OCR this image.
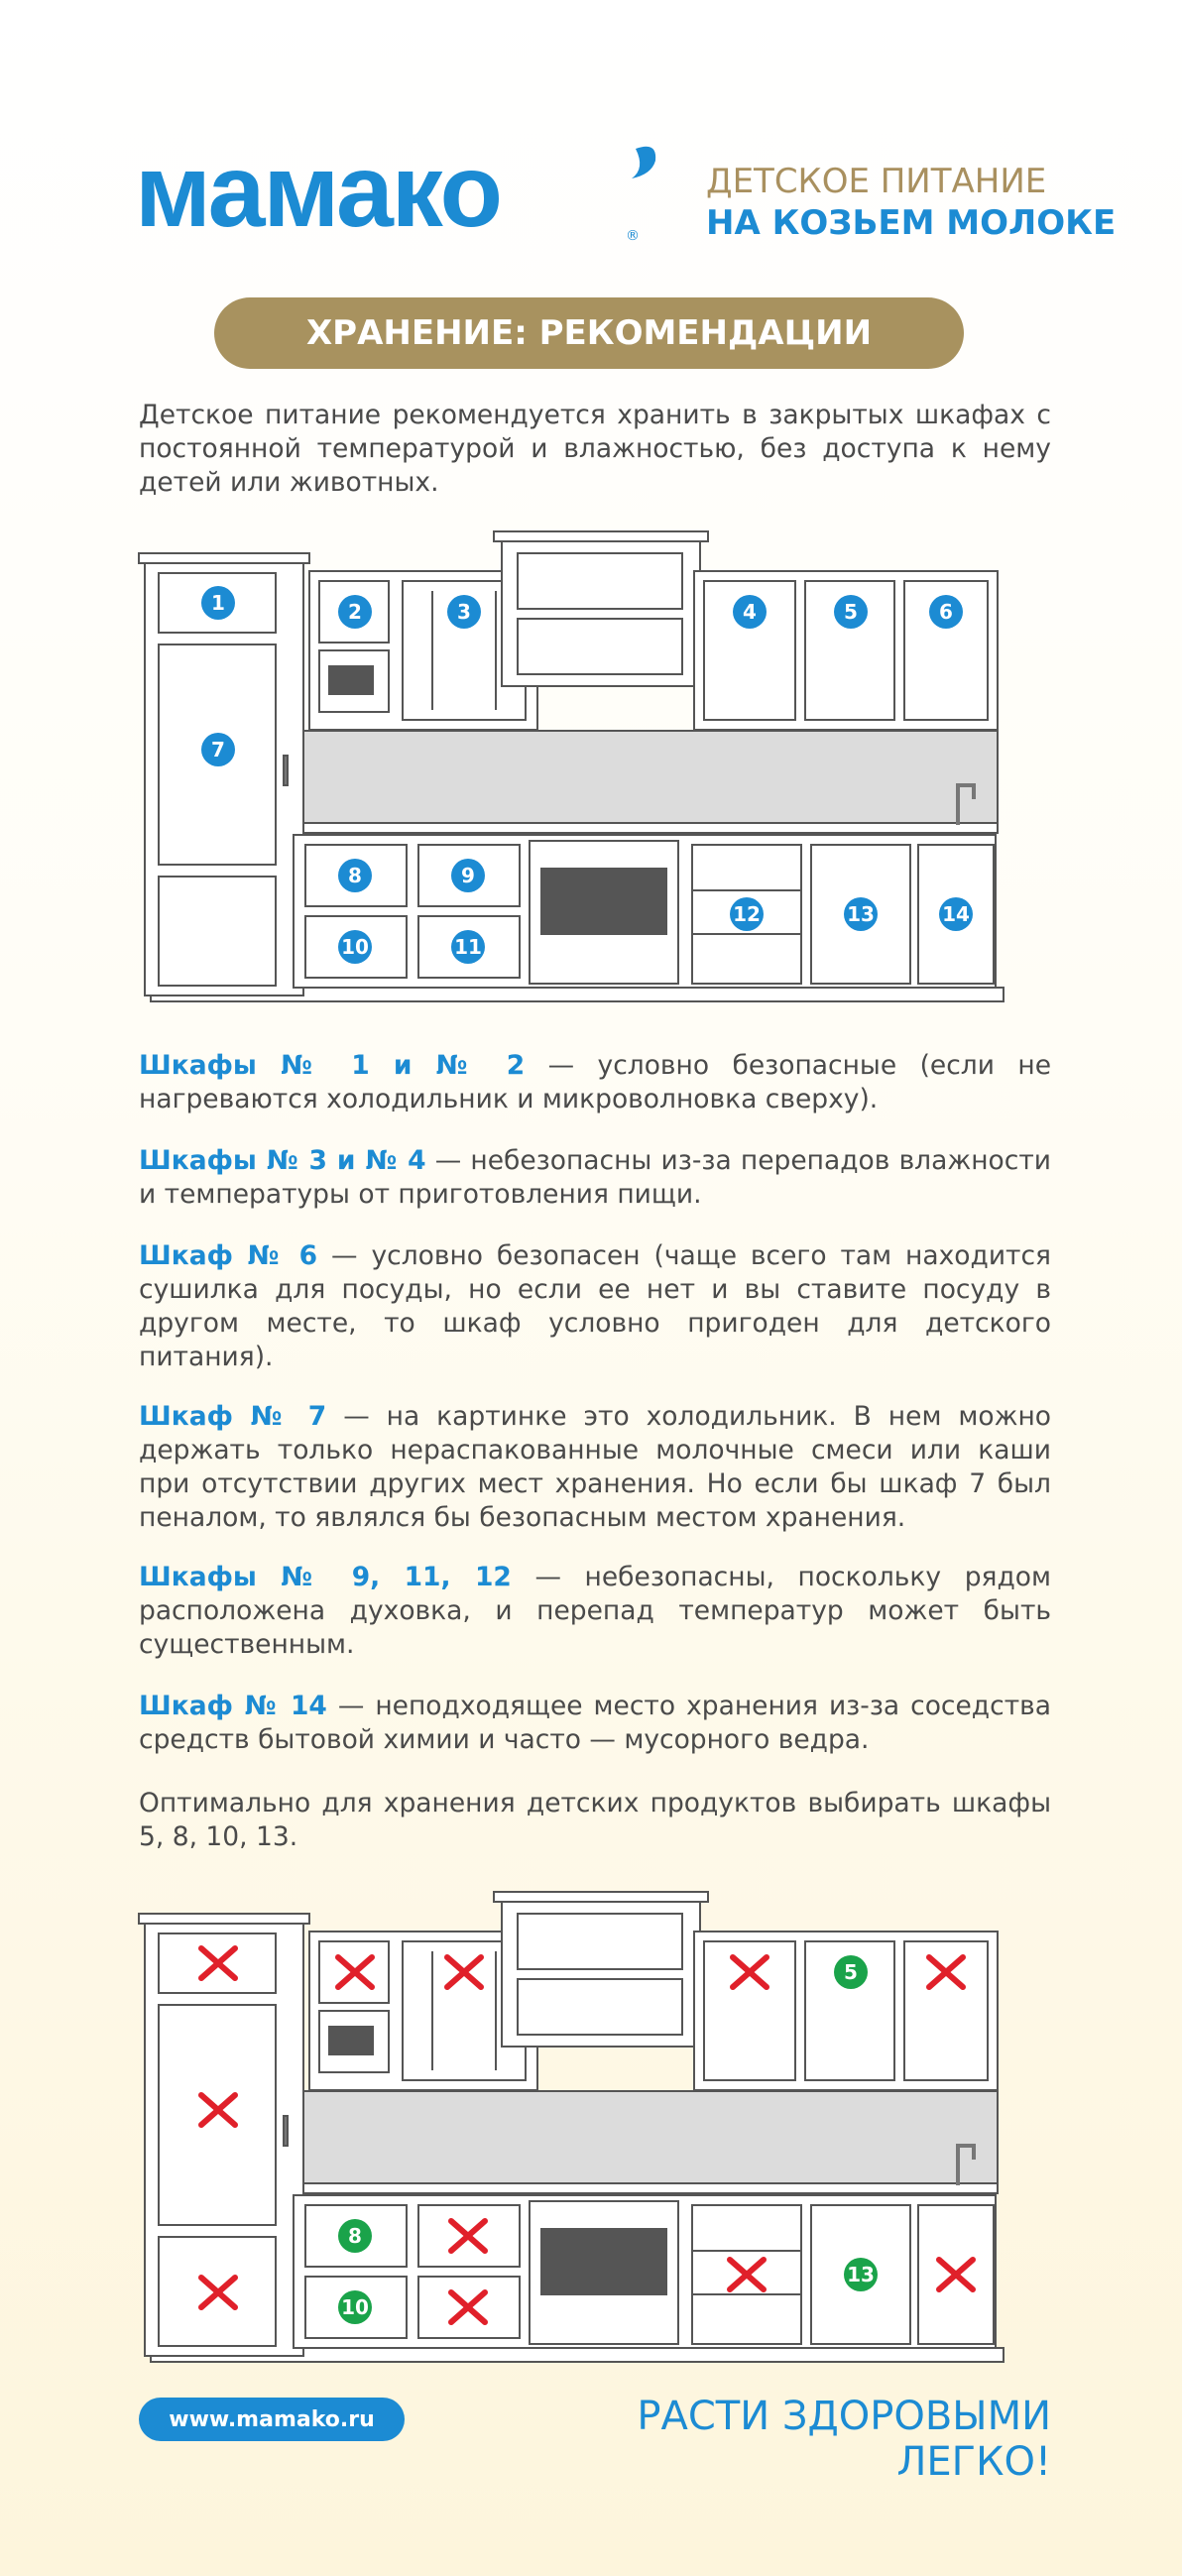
мамако	®
ДЕТСКОЕ ПИТАНИЕ
НА КОЗЬЕМ МОЛОКЕ
ХРАНЕНИЕ: РЕКОМЕНДАЦИИ
Детское питание рекомендуется хранить в закрытых шкафах с постоянной температурой и влажностью, без доступа к нему детей или животных.
1	2	3	4	5	6
7
8	9
10	11
12	13	14
Шкафы № 1 и № 2 — условно безопасные (если не нагреваются холодильник и микроволновка сверху).
Шкафы № 3 и № 4 — небезопасны из-за перепадов влажности и температуры от приготовления пищи.
Шкаф № 6 — условно безопасен (чаще всего там находится сушилка для посуды, но если ее нет и вы ставите посуду в другом месте, то шкаф условно пригоден для детского питания).
Шкаф № 7 — на картинке это холодильник. В нем можно держать только нераспакованные молочные смеси или каши при отсутствии других мест хранения. Но если бы шкаф 7 был пеналом, то являлся бы безопасным местом хранения.
Шкафы № 9, 11, 12 — небезопасны, поскольку рядом расположена духовка, и перепад температур может быть существенным.
Шкаф № 14 — неподходящее место хранения из-за соседства средств бытовой химии и часто — мусорного ведра.
Оптимально для хранения детских продуктов выбирать шкафы 5, 8, 10, 13.
5
8
10
13
www.mamako.ru	РАСТИ ЗДОРОВЫМИ ЛЕГКО!
